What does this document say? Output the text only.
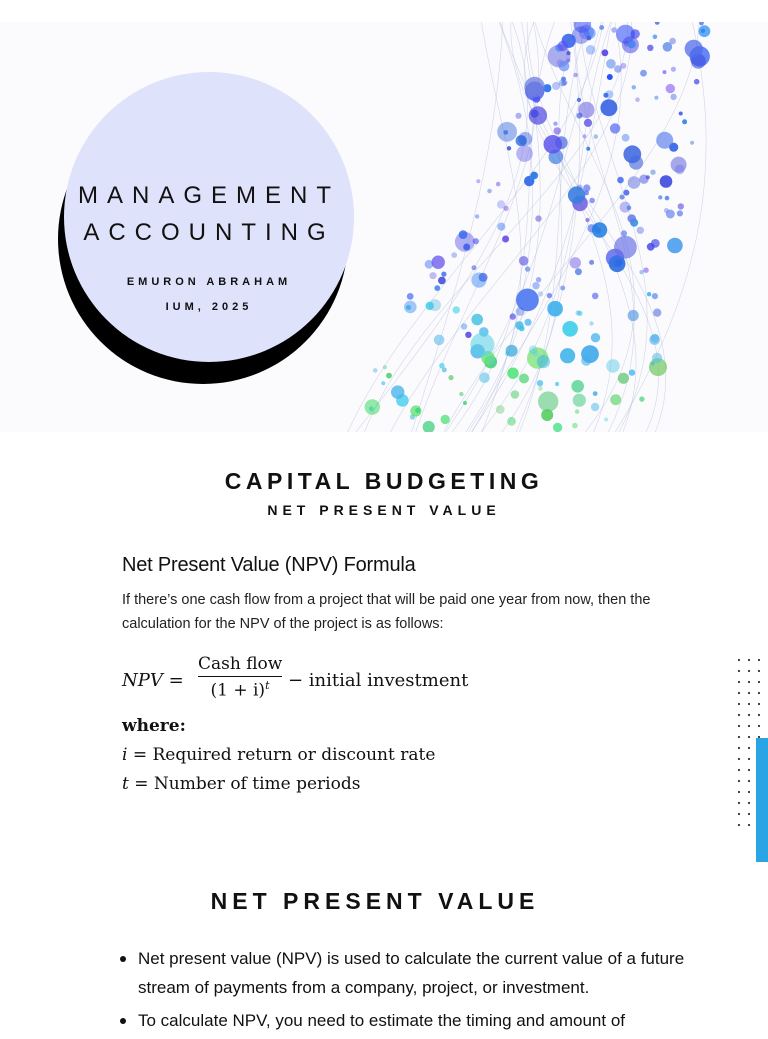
MANAGEMENT
ACCOUNTING
EMURON ABRAHAM
IUM, 2025
CAPITAL BUDGETING
NET PRESENT VALUE
Net Present Value (NPV) Formula
If there’s one cash flow from a project that will be paid one year from now, then the calculation for the NPV of the project is as follows:
NPV =
Cash flow
$(1 + i)^t$	− initial investment
where:
i = Required return or discount rate
t = Number of time periods
NET PRESENT VALUE
Net present value (NPV) is used to calculate the current value of a future stream of payments from a company, project, or investment.
To calculate NPV, you need to estimate the timing and amount of
